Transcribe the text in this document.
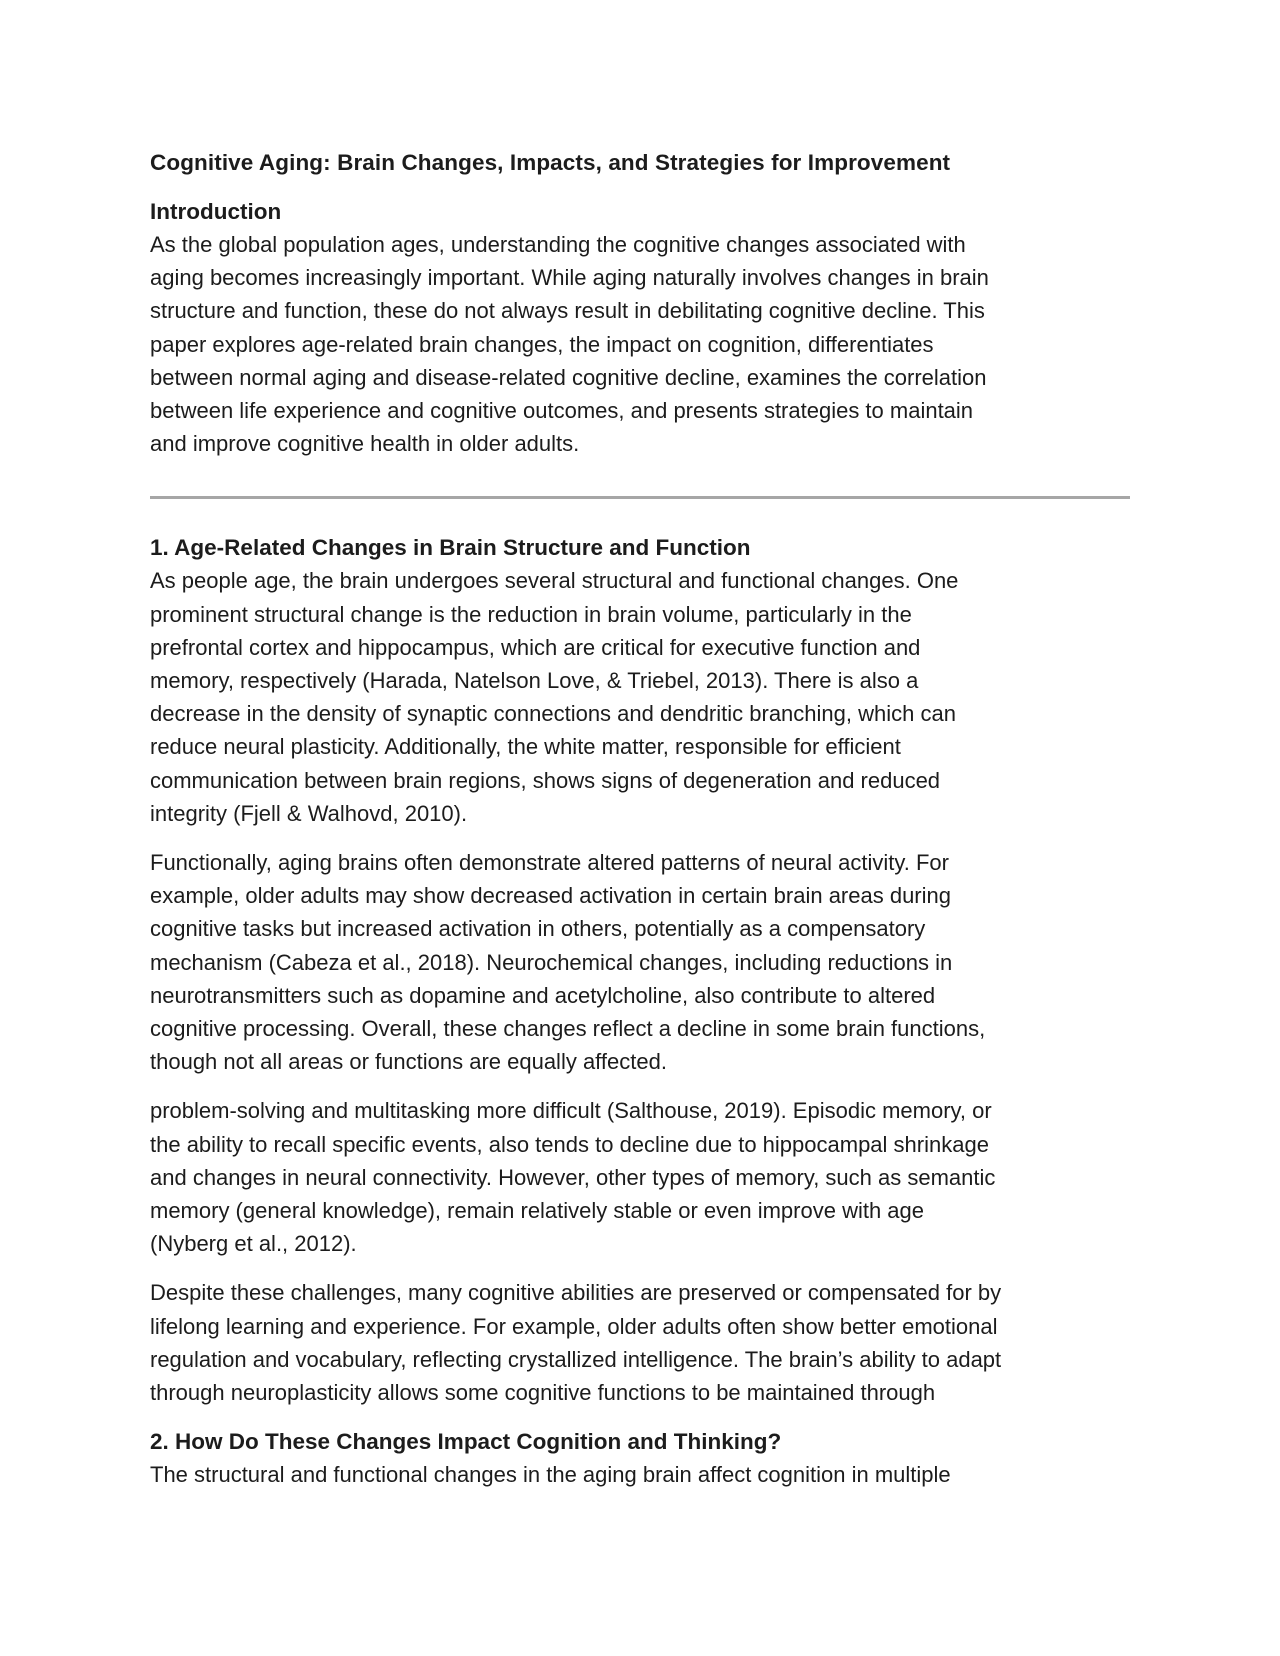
Cognitive Aging: Brain Changes, Impacts, and Strategies for Improvement
Introduction
As the global population ages, understanding the cognitive changes associated with
aging becomes increasingly important. While aging naturally involves changes in brain
structure and function, these do not always result in debilitating cognitive decline. This
paper explores age-related brain changes, the impact on cognition, differentiates
between normal aging and disease-related cognitive decline, examines the correlation
between life experience and cognitive outcomes, and presents strategies to maintain
and improve cognitive health in older adults.
1. Age-Related Changes in Brain Structure and Function
As people age, the brain undergoes several structural and functional changes. One
prominent structural change is the reduction in brain volume, particularly in the
prefrontal cortex and hippocampus, which are critical for executive function and
memory, respectively (Harada, Natelson Love, & Triebel, 2013). There is also a
decrease in the density of synaptic connections and dendritic branching, which can
reduce neural plasticity. Additionally, the white matter, responsible for efficient
communication between brain regions, shows signs of degeneration and reduced
integrity (Fjell & Walhovd, 2010).
Functionally, aging brains often demonstrate altered patterns of neural activity. For
example, older adults may show decreased activation in certain brain areas during
cognitive tasks but increased activation in others, potentially as a compensatory
mechanism (Cabeza et al., 2018). Neurochemical changes, including reductions in
neurotransmitters such as dopamine and acetylcholine, also contribute to altered
cognitive processing. Overall, these changes reflect a decline in some brain functions,
though not all areas or functions are equally affected.
problem-solving and multitasking more difficult (Salthouse, 2019). Episodic memory, or
the ability to recall specific events, also tends to decline due to hippocampal shrinkage
and changes in neural connectivity. However, other types of memory, such as semantic
memory (general knowledge), remain relatively stable or even improve with age
(Nyberg et al., 2012).
Despite these challenges, many cognitive abilities are preserved or compensated for by
lifelong learning and experience. For example, older adults often show better emotional
regulation and vocabulary, reflecting crystallized intelligence. The brain’s ability to adapt
through neuroplasticity allows some cognitive functions to be maintained through
2. How Do These Changes Impact Cognition and Thinking?
The structural and functional changes in the aging brain affect cognition in multiple
